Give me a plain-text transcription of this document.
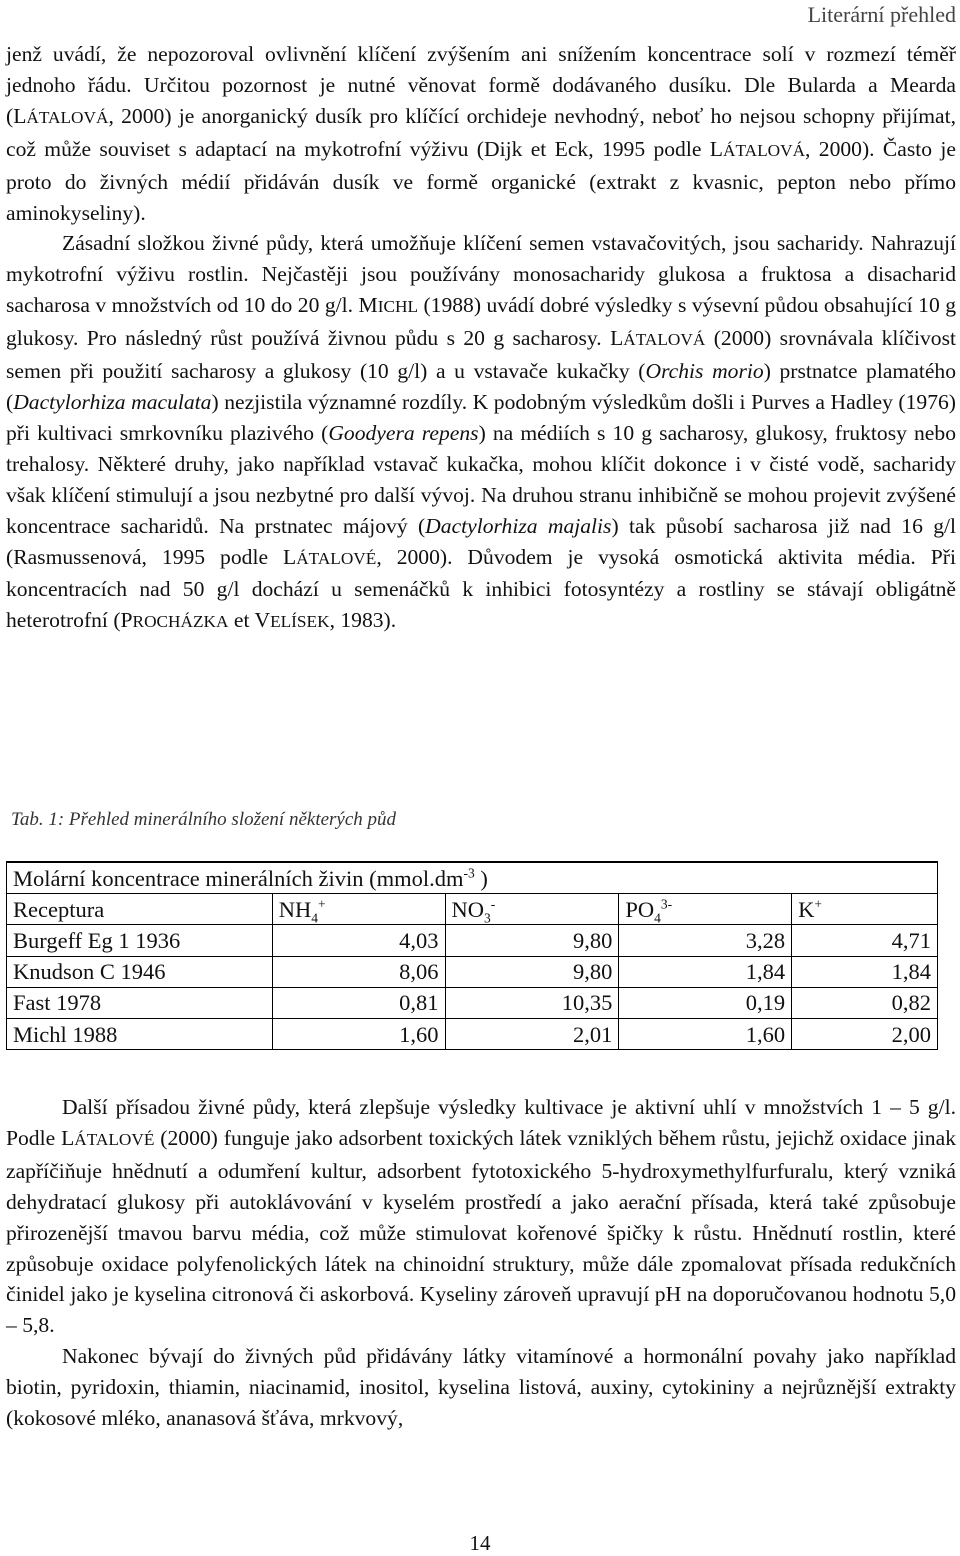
Literární přehled

jenž uvádí, že nepozoroval ovlivnění klíčení zvýšením ani snížením koncentrace solí v rozmezí téměř jednoho řádu. Určitou pozornost je nutné věnovat formě dodávaného dusíku. Dle Bularda a Mearda (LÁTALOVÁ, 2000) je anorganický dusík pro klíčící orchideje nevhodný, neboť ho nejsou schopny přijímat, což může souviset s adaptací na mykotrofní výživu (Dijk et Eck, 1995 podle LÁTALOVÁ, 2000). Často je proto do živných médií přidáván dusík ve formě organické (extrakt z kvasnic, pepton nebo přímo aminokyseliny).

Zásadní složkou živné půdy, která umožňuje klíčení semen vstavačovitých, jsou sacharidy. Nahrazují mykotrofní výživu rostlin. Nejčastěji jsou používány monosacharidy glukosa a fruktosa a disacharid sacharosa v množstvích od 10 do 20 g/l. MICHL (1988) uvádí dobré výsledky s výsevní půdou obsahující 10 g glukosy. Pro následný růst používá živnou půdu s 20 g sacharosy. LÁTALOVÁ (2000) srovnávala klíčivost semen při použití sacharosy a glukosy (10 g/l) a u vstavače kukačky (Orchis morio) prstnatce plamatého (Dactylorhiza maculata) nezjistila významné rozdíly. K podobným výsledkům došli i Purves a Hadley (1976) při kultivaci smrkovníku plazivého (Goodyera repens) na médiích s 10 g sacharosy, glukosy, fruktosy nebo trehalosy. Některé druhy, jako například vstavač kukačka, mohou klíčit dokonce i v čisté vodě, sacharidy však klíčení stimulují a jsou nezbytné pro další vývoj. Na druhou stranu inhibičně se mohou projevit zvýšené koncentrace sacharidů. Na prstnatec májový (Dactylorhiza majalis) tak působí sacharosa již nad 16 g/l (Rasmussenová, 1995 podle LÁTALOVÉ, 2000). Důvodem je vysoká osmotická aktivita média. Při koncentracích nad 50 g/l dochází u semenáčků k inhibici fotosyntézy a rostliny se stávají obligátně heterotrofní (PROCHÁZKA et VELÍSEK, 1983).

Tab. 1: Přehled minerálního složení některých půd
Molární koncentrace minerálních živin ($mmol.dm^{-3}$ )				
Receptura	$NH_4^+$	$NO_3^-$	$PO_4^{3-}$	K+
Burgeff Eg 1 1936	4,03	9,80	3,28	4,71
Knudson C 1946	8,06	9,80	1,84	1,84
Fast 1978	0,81	10,35	0,19	0,82
Michl 1988	1,60	2,01	1,60	2,00

Další přísadou živné půdy, která zlepšuje výsledky kultivace je aktivní uhlí v množstvích 1 – 5 g/l. Podle LÁTALOVÉ (2000) funguje jako adsorbent toxických látek vzniklých během růstu, jejichž oxidace jinak zapříčiňuje hnědnutí a odumření kultur, adsorbent fytotoxického 5-hydroxymethylfurfuralu, který vzniká dehydratací glukosy při autoklávování v kyselém prostředí a jako aerační přísada, která také způsobuje přirozenější tmavou barvu média, což může stimulovat kořenové špičky k růstu. Hnědnutí rostlin, které způsobuje oxidace polyfenolických látek na chinoidní struktury, může dále zpomalovat přísada redukčních činidel jako je kyselina citronová či askorbová. Kyseliny zároveň upravují pH na doporučovanou hodnotu 5,0 – 5,8.

Nakonec bývají do živných půd přidávány látky vitamínové a hormonální povahy jako například biotin, pyridoxin, thiamin, niacinamid, inositol, kyselina listová, auxiny, cytokininy a nejrůznější extrakty (kokosové mléko, ananasová šťáva, mrkvový,

14
